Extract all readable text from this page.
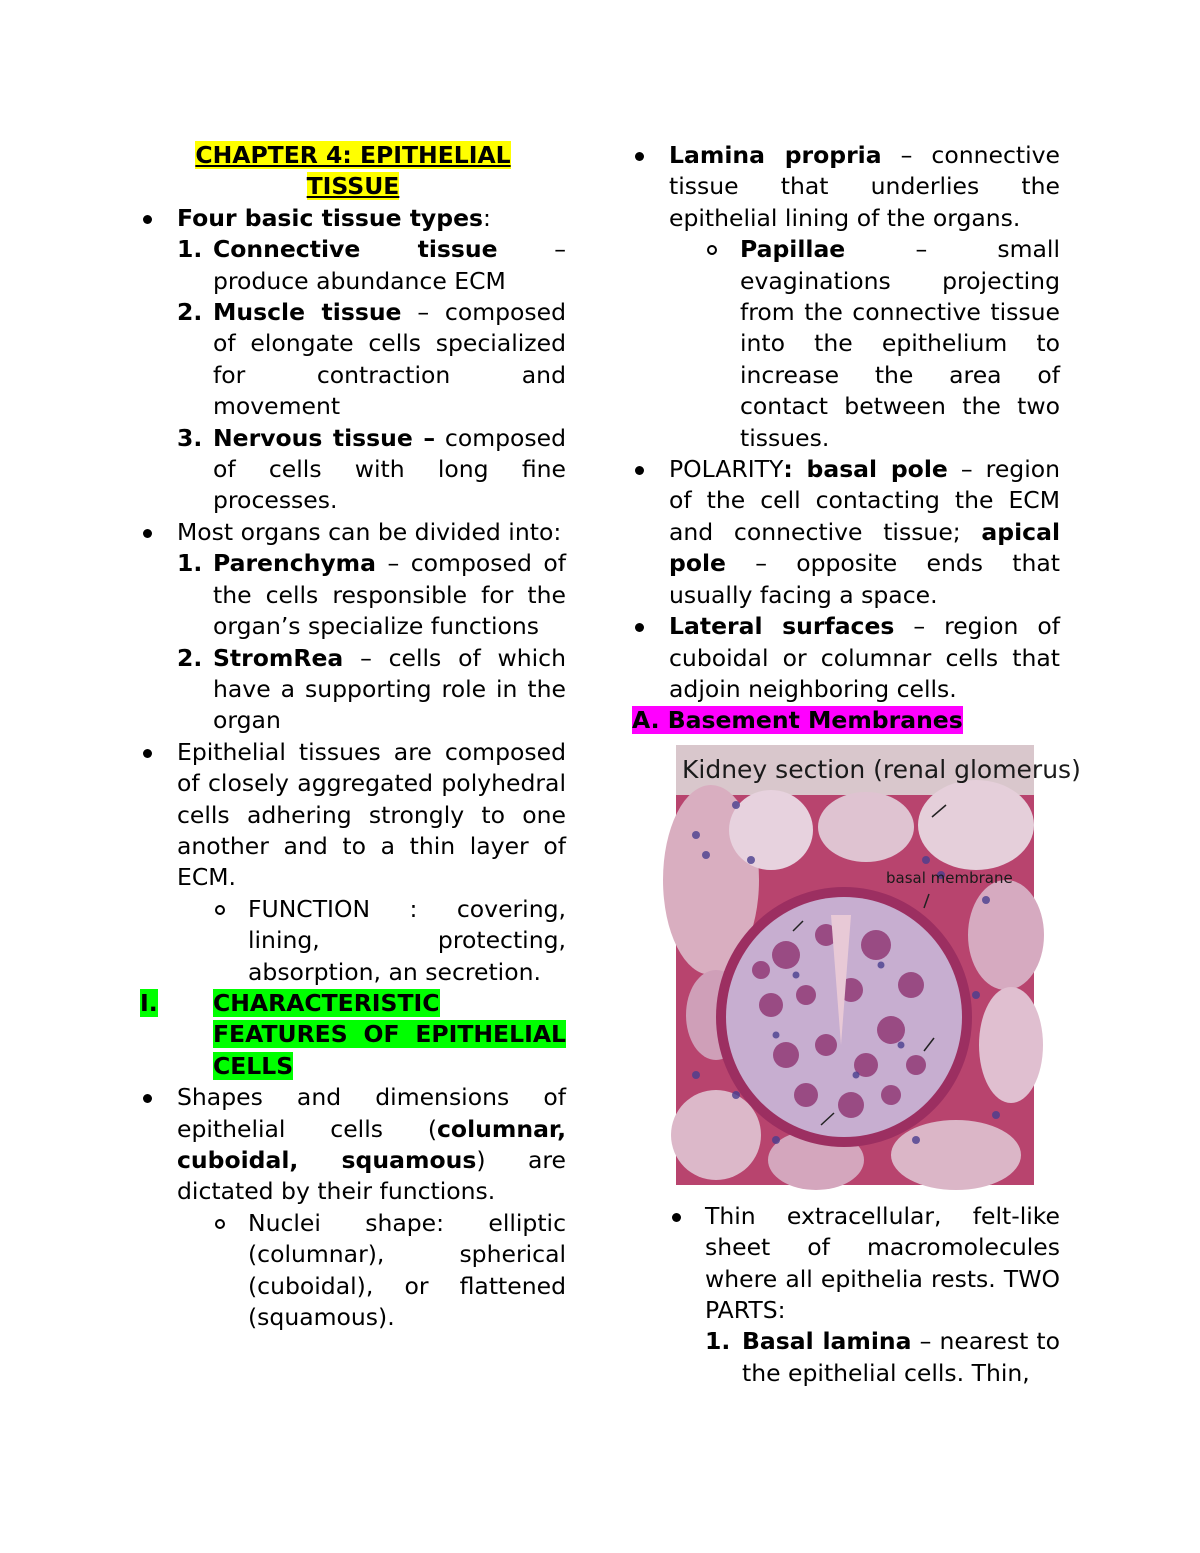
CHAPTER 4: EPITHELIAL
TISSUE
Four basic tissue types:
1. Connective tissue – produce abundance ECM
2. Muscle tissue – composed of elongate cells specialized for contraction and movement
3. Nervous tissue – composed of cells with long fine processes.
Most organs can be divided into:
1. Parenchyma – composed of the cells responsible for the organ’s specialize functions
2. StromRea – cells of which have a supporting role in the organ
Epithelial tissues are composed of closely aggregated polyhedral cells adhering strongly to one another and to a thin layer of ECM.
FUNCTION : covering, lining, protecting, absorption, an secretion.
I. CHARACTERISTIC FEATURES OF EPITHELIAL CELLS
Shapes and dimensions of epithelial cells (columnar, cuboidal, squamous) are dictated by their functions.
Nuclei shape: elliptic (columnar), spherical (cuboidal), or flattened (squamous).
Lamina propria – connective tissue that underlies the epithelial lining of the organs.
Papillae – small evaginations projecting from the connective tissue into the epithelium to increase the area of contact between the two tissues.
POLARITY: basal pole – region of the cell contacting the ECM and connective tissue; apical pole – opposite ends that usually facing a space.
Lateral surfaces – region of cuboidal or columnar cells that adjoin neighboring cells.
A. Basement Membranes
Kidney section (renal glomerus)
basal membrane
Thin extracellular, felt-like sheet of macromolecules where all epithelia rests. TWO PARTS:
1. Basal lamina – nearest to the epithelial cells. Thin,
